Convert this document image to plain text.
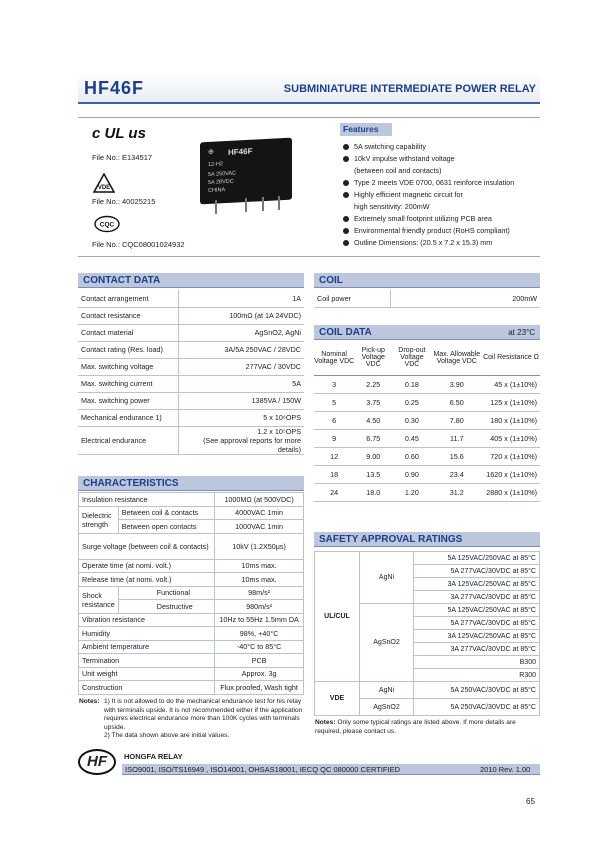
HF46F	SUBMINIATURE INTERMEDIATE POWER RELAY
c UL us
File No.: E134517
VDE
File No.: 40025215
CQC
File No.: CQC08001024932
⊕ HF46F
12-H2
5A 250VAC
5A 28VDC
CHINA
Features
5A switching capability
10kV impulse withstand voltage
(between coil and contacts)
Type 2 meets VDE 0700, 0631 reinforce insulation
Highly efficient magnetic circuit for
high sensitivity: 200mW
Extremely small footprint utilizing PCB area
Environmental friendly product (RoHS compliant)
Outline Dimensions: (20.5 x 7.2 x 15.3) mm
CONTACT DATA
Contact arrangement	1A
Contact resistance	100mΩ (at 1A 24VDC)
Contact material	AgSnO2, AgNi
Contact rating (Res. load)	3A/5A 250VAC / 28VDC
Max. switching voltage	277VAC / 30VDC
Max. switching current	5A
Max. switching power	1385VA / 150W
Mechanical endurance 1)	5 x 10⁶OPS
Electrical endurance	1.2 x 10⁵OPS
(See approval reports for more details)
CHARACTERISTICS
Insulation resistance		1000MΩ (at 500VDC)
Dielectric strength	Between coil & contacts	4000VAC 1min
	Between open contacts	1000VAC 1min
Surge voltage (between coil & contacts)		10kV (1.2X50μs)
Operate time (at nomi. volt.)		10ms max.
Release time (at nomi. volt.)		10ms max.
Shock resistance	Functional	98m/s²
	Destructive	980m/s²
Vibration resistance		10Hz to 55Hz 1.5mm DA
Humidity		98%, +40°C
Ambient temperature		-40°C to 85°C
Termination		PCB
Unit weight		Approx. 3g
Construction		Flux proofed, Wash tight
Notes: 1) It is not allowed to do the mechanical endurance test for his relay with terminals upside. It is not recommended either if the application requires electrical endurance more than 100K cycles with terminals upside.
2) The data shown above are initial values.
COIL
Coil power	200mW
COIL DATA	at 23°C
Nominal Voltage VDC	Pick-up Voltage VDC	Drop-out Voltage VDC	Max. Allowable Voltage VDC	Coil Resistance Ω
3	2.25	0.18	3.90	45 x (1±10%)
5	3.75	0.25	6.50	125 x (1±10%)
6	4.50	0.30	7.80	180 x (1±10%)
9	6.75	0.45	11.7	405 x (1±10%)
12	9.00	0.60	15.6	720 x (1±10%)
18	13.5	0.90	23.4	1620 x (1±10%)
24	18.0	1.20	31.2	2880 x (1±10%)
SAFETY APPROVAL RATINGS
UL/CUL	AgNi	5A 125VAC/250VAC at 85°C
		5A 277VAC/30VDC at 85°C
		3A 125VAC/250VAC at 85°C
		3A 277VAC/30VDC at 85°C
	AgSnO2	5A 125VAC/250VAC at 85°C
		5A 277VAC/30VDC at 85°C
		3A 125VAC/250VAC at 85°C
		3A 277VAC/30VDC at 85°C
		B300
		R300
VDE	AgNi	5A 250VAC/30VDC at 85°C
	AgSnO2	5A 250VAC/30VDC at 85°C
Notes: Only some typical ratings are listed above. If more details are required, please contact us.
HF	HONGFA RELAY
ISO9001, ISO/TS16949 , ISO14001, OHSAS18001, IECQ QC 080000 CERTIFIED	2010 Rev. 1.00
65
